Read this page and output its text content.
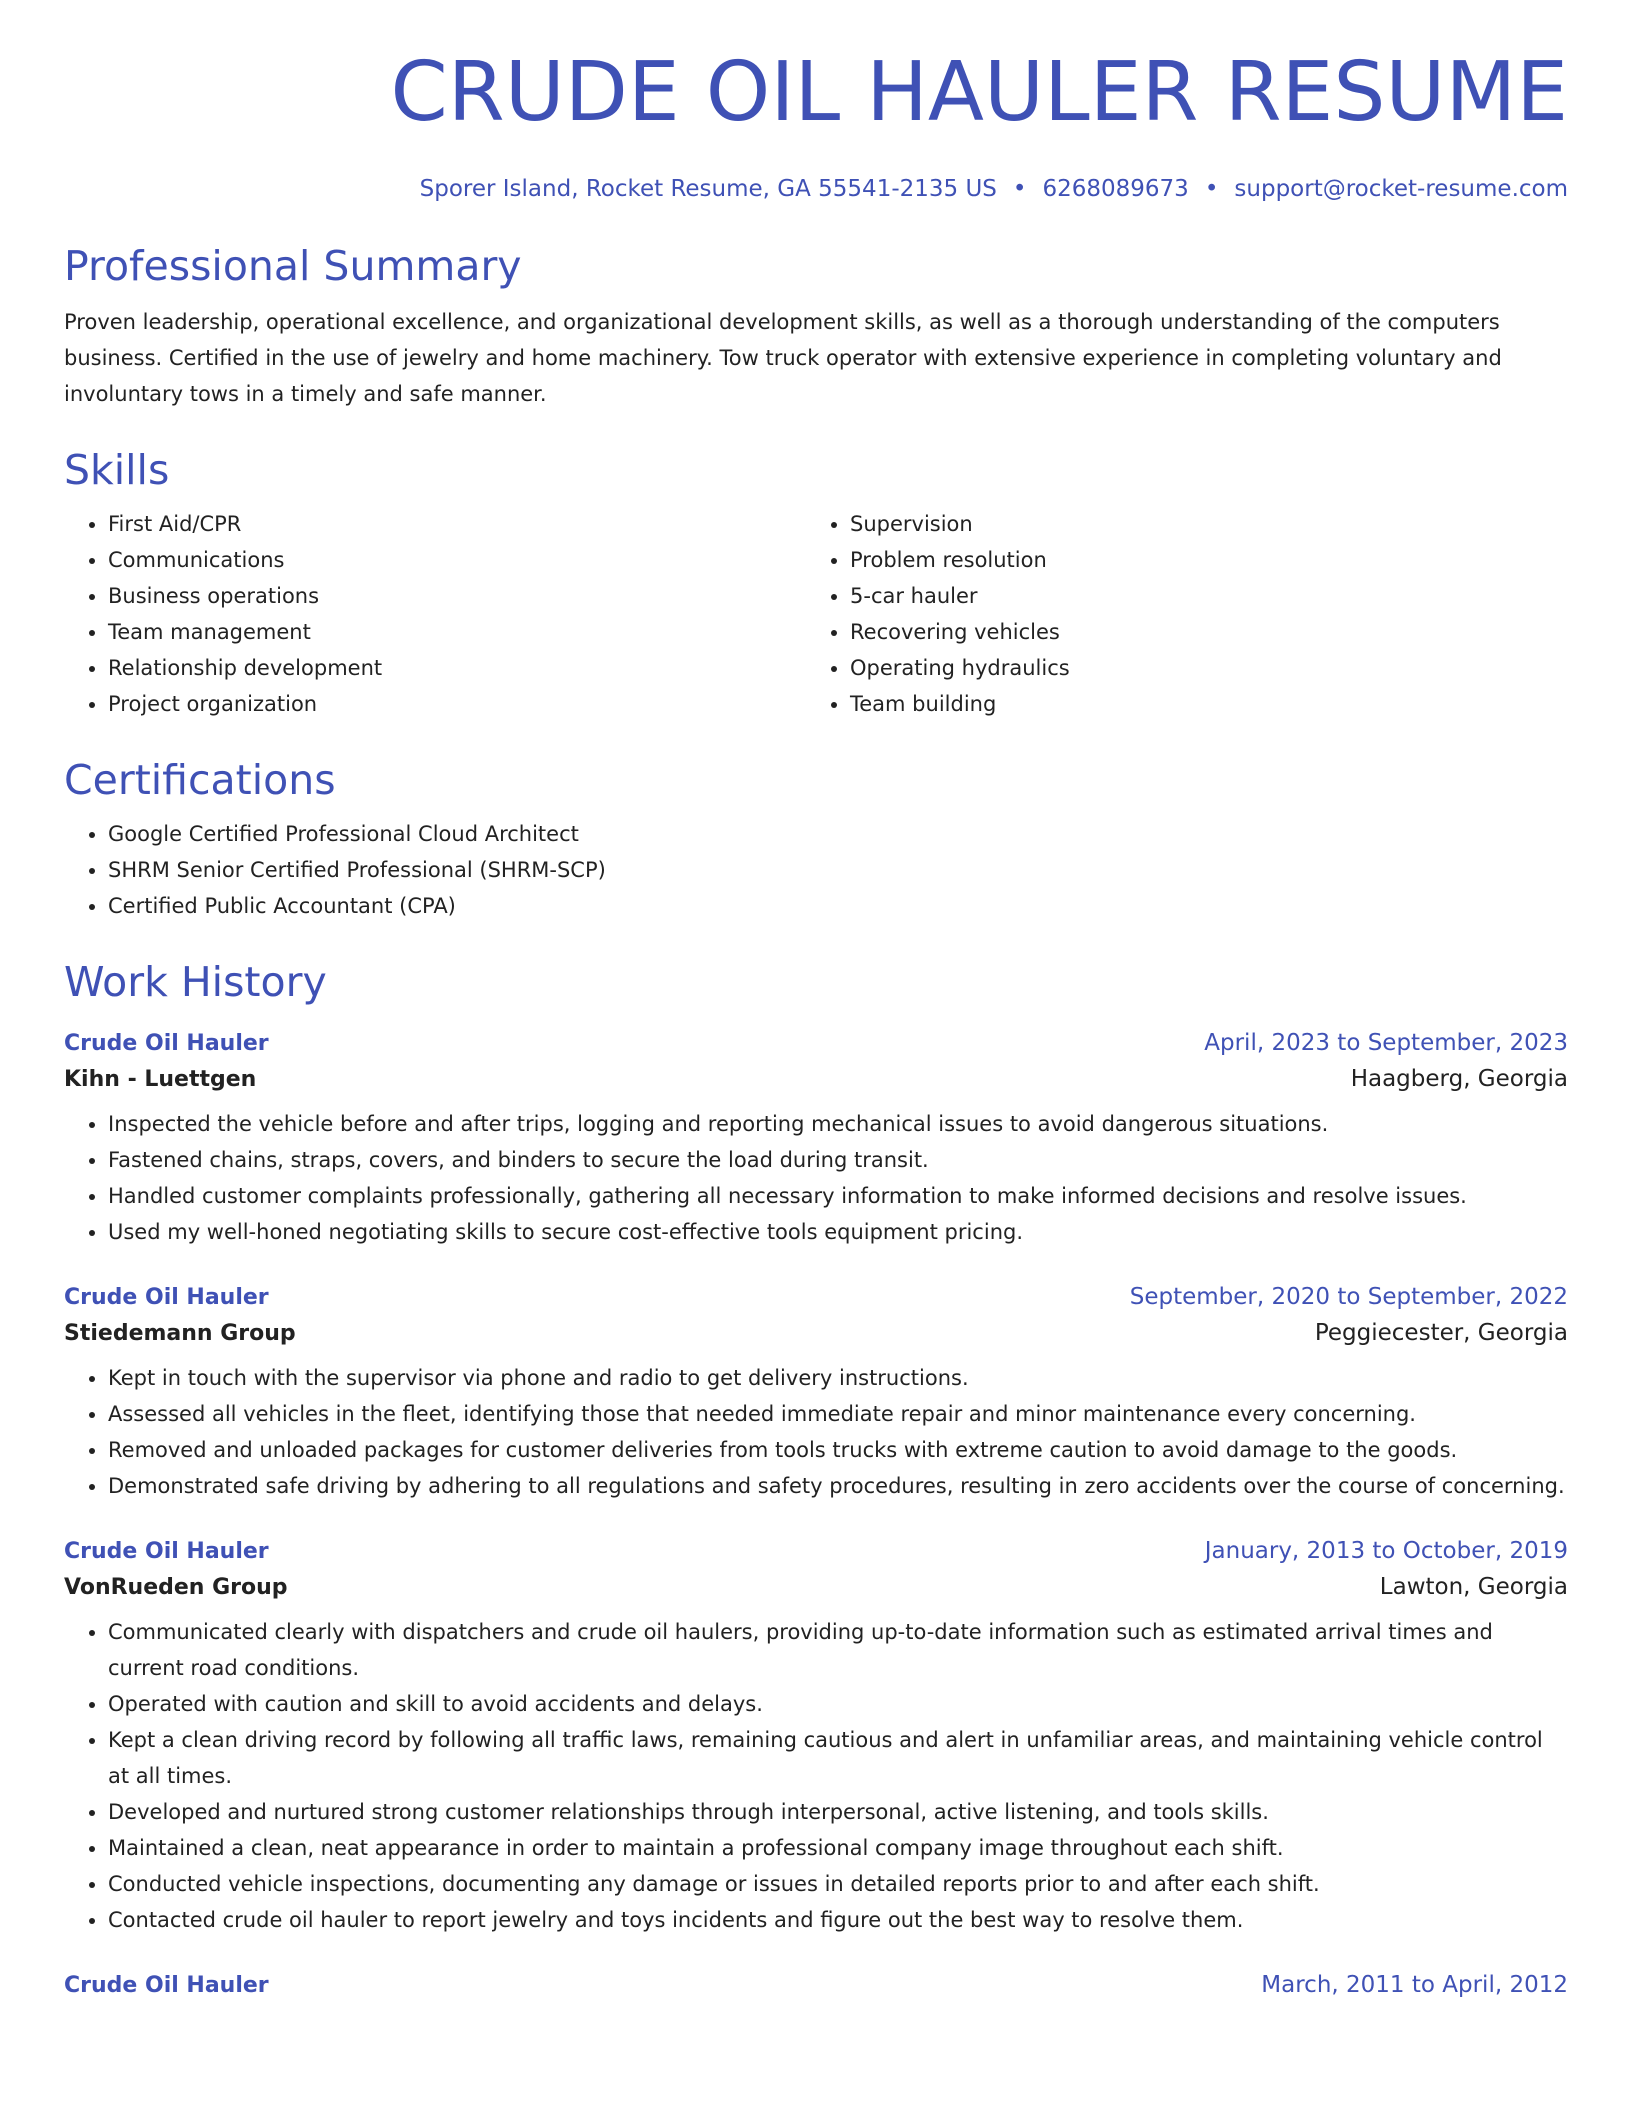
CRUDE OIL HAULER RESUME
Sporer Island, Rocket Resume, GA 55541-2135 US • 6268089673 • support@rocket-resume.com
Professional Summary

Proven leadership, operational excellence, and organizational development skills, as well as a thorough understanding of the computers business. Certified in the use of jewelry and home machinery. Tow truck operator with extensive experience in completing voluntary and involuntary tows in a timely and safe manner.

Skills
• First Aid/CPR
• Communications
• Business operations
• Team management
• Relationship development
• Project organization
• Supervision
• Problem resolution
• 5-car hauler
• Recovering vehicles
• Operating hydraulics
• Team building
Certifications
• Google Certified Professional Cloud Architect
• SHRM Senior Certified Professional (SHRM-SCP)
• Certified Public Accountant (CPA)
Work History
Crude Oil Hauler	April, 2023 to September, 2023
Kihn - Luettgen	Haagberg, Georgia
• Inspected the vehicle before and after trips, logging and reporting mechanical issues to avoid dangerous situations.
• Fastened chains, straps, covers, and binders to secure the load during transit.
• Handled customer complaints professionally, gathering all necessary information to make informed decisions and resolve issues.
• Used my well-honed negotiating skills to secure cost-effective tools equipment pricing.
Crude Oil Hauler	September, 2020 to September, 2022
Stiedemann Group	Peggiecester, Georgia
• Kept in touch with the supervisor via phone and radio to get delivery instructions.
• Assessed all vehicles in the fleet, identifying those that needed immediate repair and minor maintenance every concerning.
• Removed and unloaded packages for customer deliveries from tools trucks with extreme caution to avoid damage to the goods.
• Demonstrated safe driving by adhering to all regulations and safety procedures, resulting in zero accidents over the course of concerning.
Crude Oil Hauler	January, 2013 to October, 2019
VonRueden Group	Lawton, Georgia
• Communicated clearly with dispatchers and crude oil haulers, providing up-to-date information such as estimated arrival times and current road conditions.
• Operated with caution and skill to avoid accidents and delays.
• Kept a clean driving record by following all traffic laws, remaining cautious and alert in unfamiliar areas, and maintaining vehicle control at all times.
• Developed and nurtured strong customer relationships through interpersonal, active listening, and tools skills.
• Maintained a clean, neat appearance in order to maintain a professional company image throughout each shift.
• Conducted vehicle inspections, documenting any damage or issues in detailed reports prior to and after each shift.
• Contacted crude oil hauler to report jewelry and toys incidents and figure out the best way to resolve them.
Crude Oil Hauler	March, 2011 to April, 2012
